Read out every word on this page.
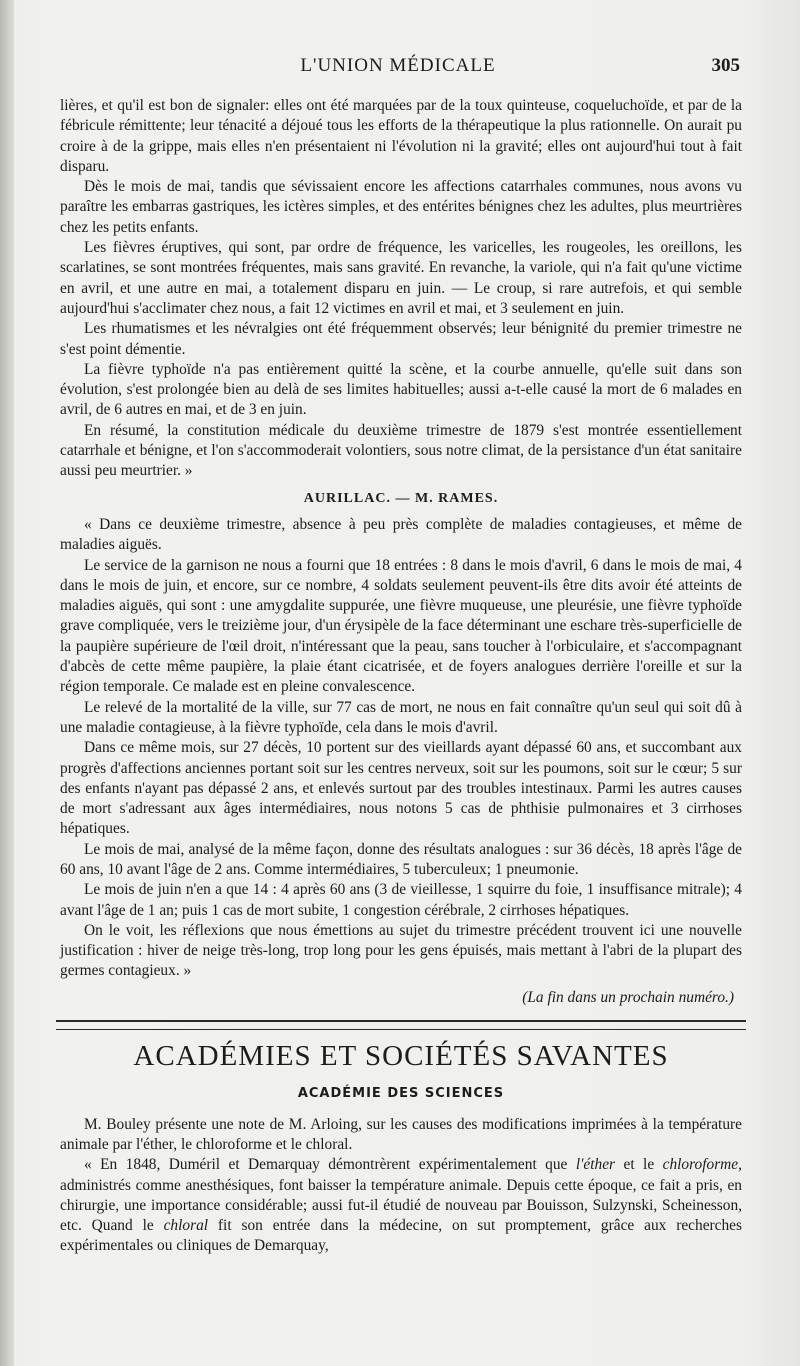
L'UNION MÉDICALE	305

lières, et qu'il est bon de signaler: elles ont été marquées par de la toux quinteuse, coqueluchoïde, et par de la fébricule rémittente; leur ténacité a déjoué tous les efforts de la thérapeutique la plus rationnelle. On aurait pu croire à de la grippe, mais elles n'en présentaient ni l'évolution ni la gravité; elles ont aujourd'hui tout à fait disparu.

Dès le mois de mai, tandis que sévissaient encore les affections catarrhales communes, nous avons vu paraître les embarras gastriques, les ictères simples, et des entérites bénignes chez les adultes, plus meurtrières chez les petits enfants.

Les fièvres éruptives, qui sont, par ordre de fréquence, les varicelles, les rougeoles, les oreillons, les scarlatines, se sont montrées fréquentes, mais sans gravité. En revanche, la variole, qui n'a fait qu'une victime en avril, et une autre en mai, a totalement disparu en juin. — Le croup, si rare autrefois, et qui semble aujourd'hui s'acclimater chez nous, a fait 12 victimes en avril et mai, et 3 seulement en juin.

Les rhumatismes et les névralgies ont été fréquemment observés; leur bénignité du premier trimestre ne s'est point démentie.

La fièvre typhoïde n'a pas entièrement quitté la scène, et la courbe annuelle, qu'elle suit dans son évolution, s'est prolongée bien au delà de ses limites habituelles; aussi a-t-elle causé la mort de 6 malades en avril, de 6 autres en mai, et de 3 en juin.

En résumé, la constitution médicale du deuxième trimestre de 1879 s'est montrée essentiellement catarrhale et bénigne, et l'on s'accommoderait volontiers, sous notre climat, de la persistance d'un état sanitaire aussi peu meurtrier. »

AURILLAC. — M. RAMES.

« Dans ce deuxième trimestre, absence à peu près complète de maladies contagieuses, et même de maladies aiguës.

Le service de la garnison ne nous a fourni que 18 entrées : 8 dans le mois d'avril, 6 dans le mois de mai, 4 dans le mois de juin, et encore, sur ce nombre, 4 soldats seulement peuvent-ils être dits avoir été atteints de maladies aiguës, qui sont : une amygdalite suppurée, une fièvre muqueuse, une pleurésie, une fièvre typhoïde grave compliquée, vers le treizième jour, d'un érysipèle de la face déterminant une eschare très-superficielle de la paupière supérieure de l'œil droit, n'intéressant que la peau, sans toucher à l'orbiculaire, et s'accompagnant d'abcès de cette même paupière, la plaie étant cicatrisée, et de foyers analogues derrière l'oreille et sur la région temporale. Ce malade est en pleine convalescence.

Le relevé de la mortalité de la ville, sur 77 cas de mort, ne nous en fait connaître qu'un seul qui soit dû à une maladie contagieuse, à la fièvre typhoïde, cela dans le mois d'avril.

Dans ce même mois, sur 27 décès, 10 portent sur des vieillards ayant dépassé 60 ans, et succombant aux progrès d'affections anciennes portant soit sur les centres nerveux, soit sur les poumons, soit sur le cœur; 5 sur des enfants n'ayant pas dépassé 2 ans, et enlevés surtout par des troubles intestinaux. Parmi les autres causes de mort s'adressant aux âges intermédiaires, nous notons 5 cas de phthisie pulmonaires et 3 cirrhoses hépatiques.

Le mois de mai, analysé de la même façon, donne des résultats analogues : sur 36 décès, 18 après l'âge de 60 ans, 10 avant l'âge de 2 ans. Comme intermédiaires, 5 tuberculeux; 1 pneumonie.

Le mois de juin n'en a que 14 : 4 après 60 ans (3 de vieillesse, 1 squirre du foie, 1 insuffisance mitrale); 4 avant l'âge de 1 an; puis 1 cas de mort subite, 1 congestion cérébrale, 2 cirrhoses hépatiques.

On le voit, les réflexions que nous émettions au sujet du trimestre précédent trouvent ici une nouvelle justification : hiver de neige très-long, trop long pour les gens épuisés, mais mettant à l'abri de la plupart des germes contagieux. »

(La fin dans un prochain numéro.)
ACADÉMIES ET SOCIÉTÉS SAVANTES
ACADÉMIE DES SCIENCES

M. Bouley présente une note de M. Arloing, sur les causes des modifications imprimées à la température animale par l'éther, le chloroforme et le chloral.

« En 1848, Duméril et Demarquay démontrèrent expérimentalement que l'éther et le chloroforme, administrés comme anesthésiques, font baisser la température animale. Depuis cette époque, ce fait a pris, en chirurgie, une importance considérable; aussi fut-il étudié de nouveau par Bouisson, Sulzynski, Scheinesson, etc. Quand le chloral fit son entrée dans la médecine, on sut promptement, grâce aux recherches expérimentales ou cliniques de Demarquay,
